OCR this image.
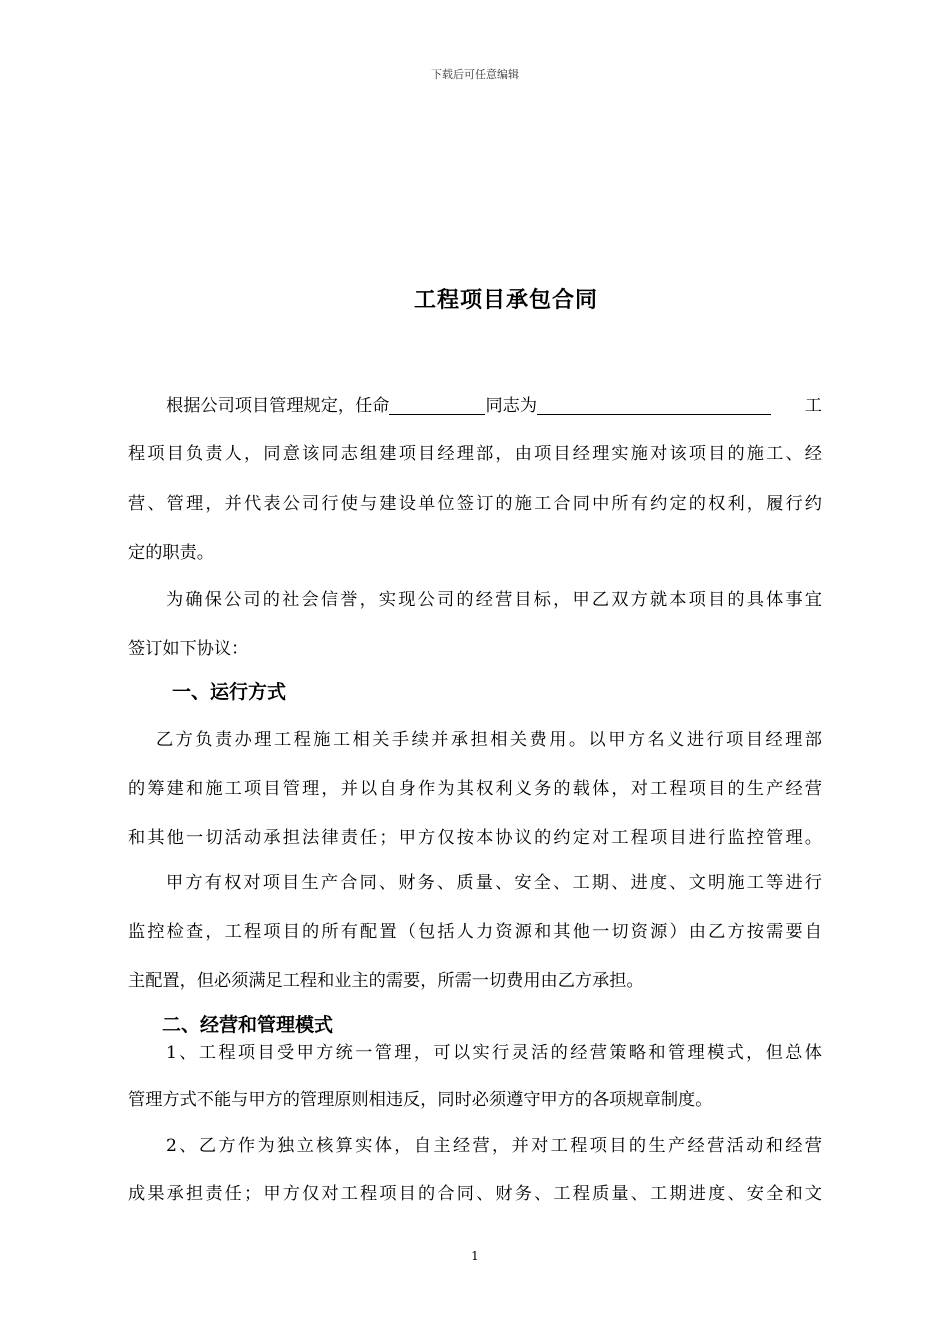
下载后可任意编辑
工程项目承包合同
根据公司项目管理规定，任命	同志为	工
程项目负责人，同意该同志组建项目经理部，由项目经理实施对该项目的施工、经
营、管理，并代表公司行使与建设单位签订的施工合同中所有约定的权利，履行约
定的职责。
为确保公司的社会信誉，实现公司的经营目标，甲乙双方就本项目的具体事宜
签订如下协议：
一、运行方式
乙方负责办理工程施工相关手续并承担相关费用。以甲方名义进行项目经理部
的筹建和施工项目管理，并以自身作为其权利义务的载体，对工程项目的生产经营
和其他一切活动承担法律责任；甲方仅按本协议的约定对工程项目进行监控管理。
甲方有权对项目生产合同、财务、质量、安全、工期、进度、文明施工等进行
监控检查，工程项目的所有配置（包括人力资源和其他一切资源）由乙方按需要自
主配置，但必须满足工程和业主的需要，所需一切费用由乙方承担。
二、经营和管理模式
1、工程项目受甲方统一管理，可以实行灵活的经营策略和管理模式，但总体
管理方式不能与甲方的管理原则相违反，同时必须遵守甲方的各项规章制度。
2、乙方作为独立核算实体，自主经营，并对工程项目的生产经营活动和经营
成果承担责任；甲方仅对工程项目的合同、财务、工程质量、工期进度、安全和文
1
